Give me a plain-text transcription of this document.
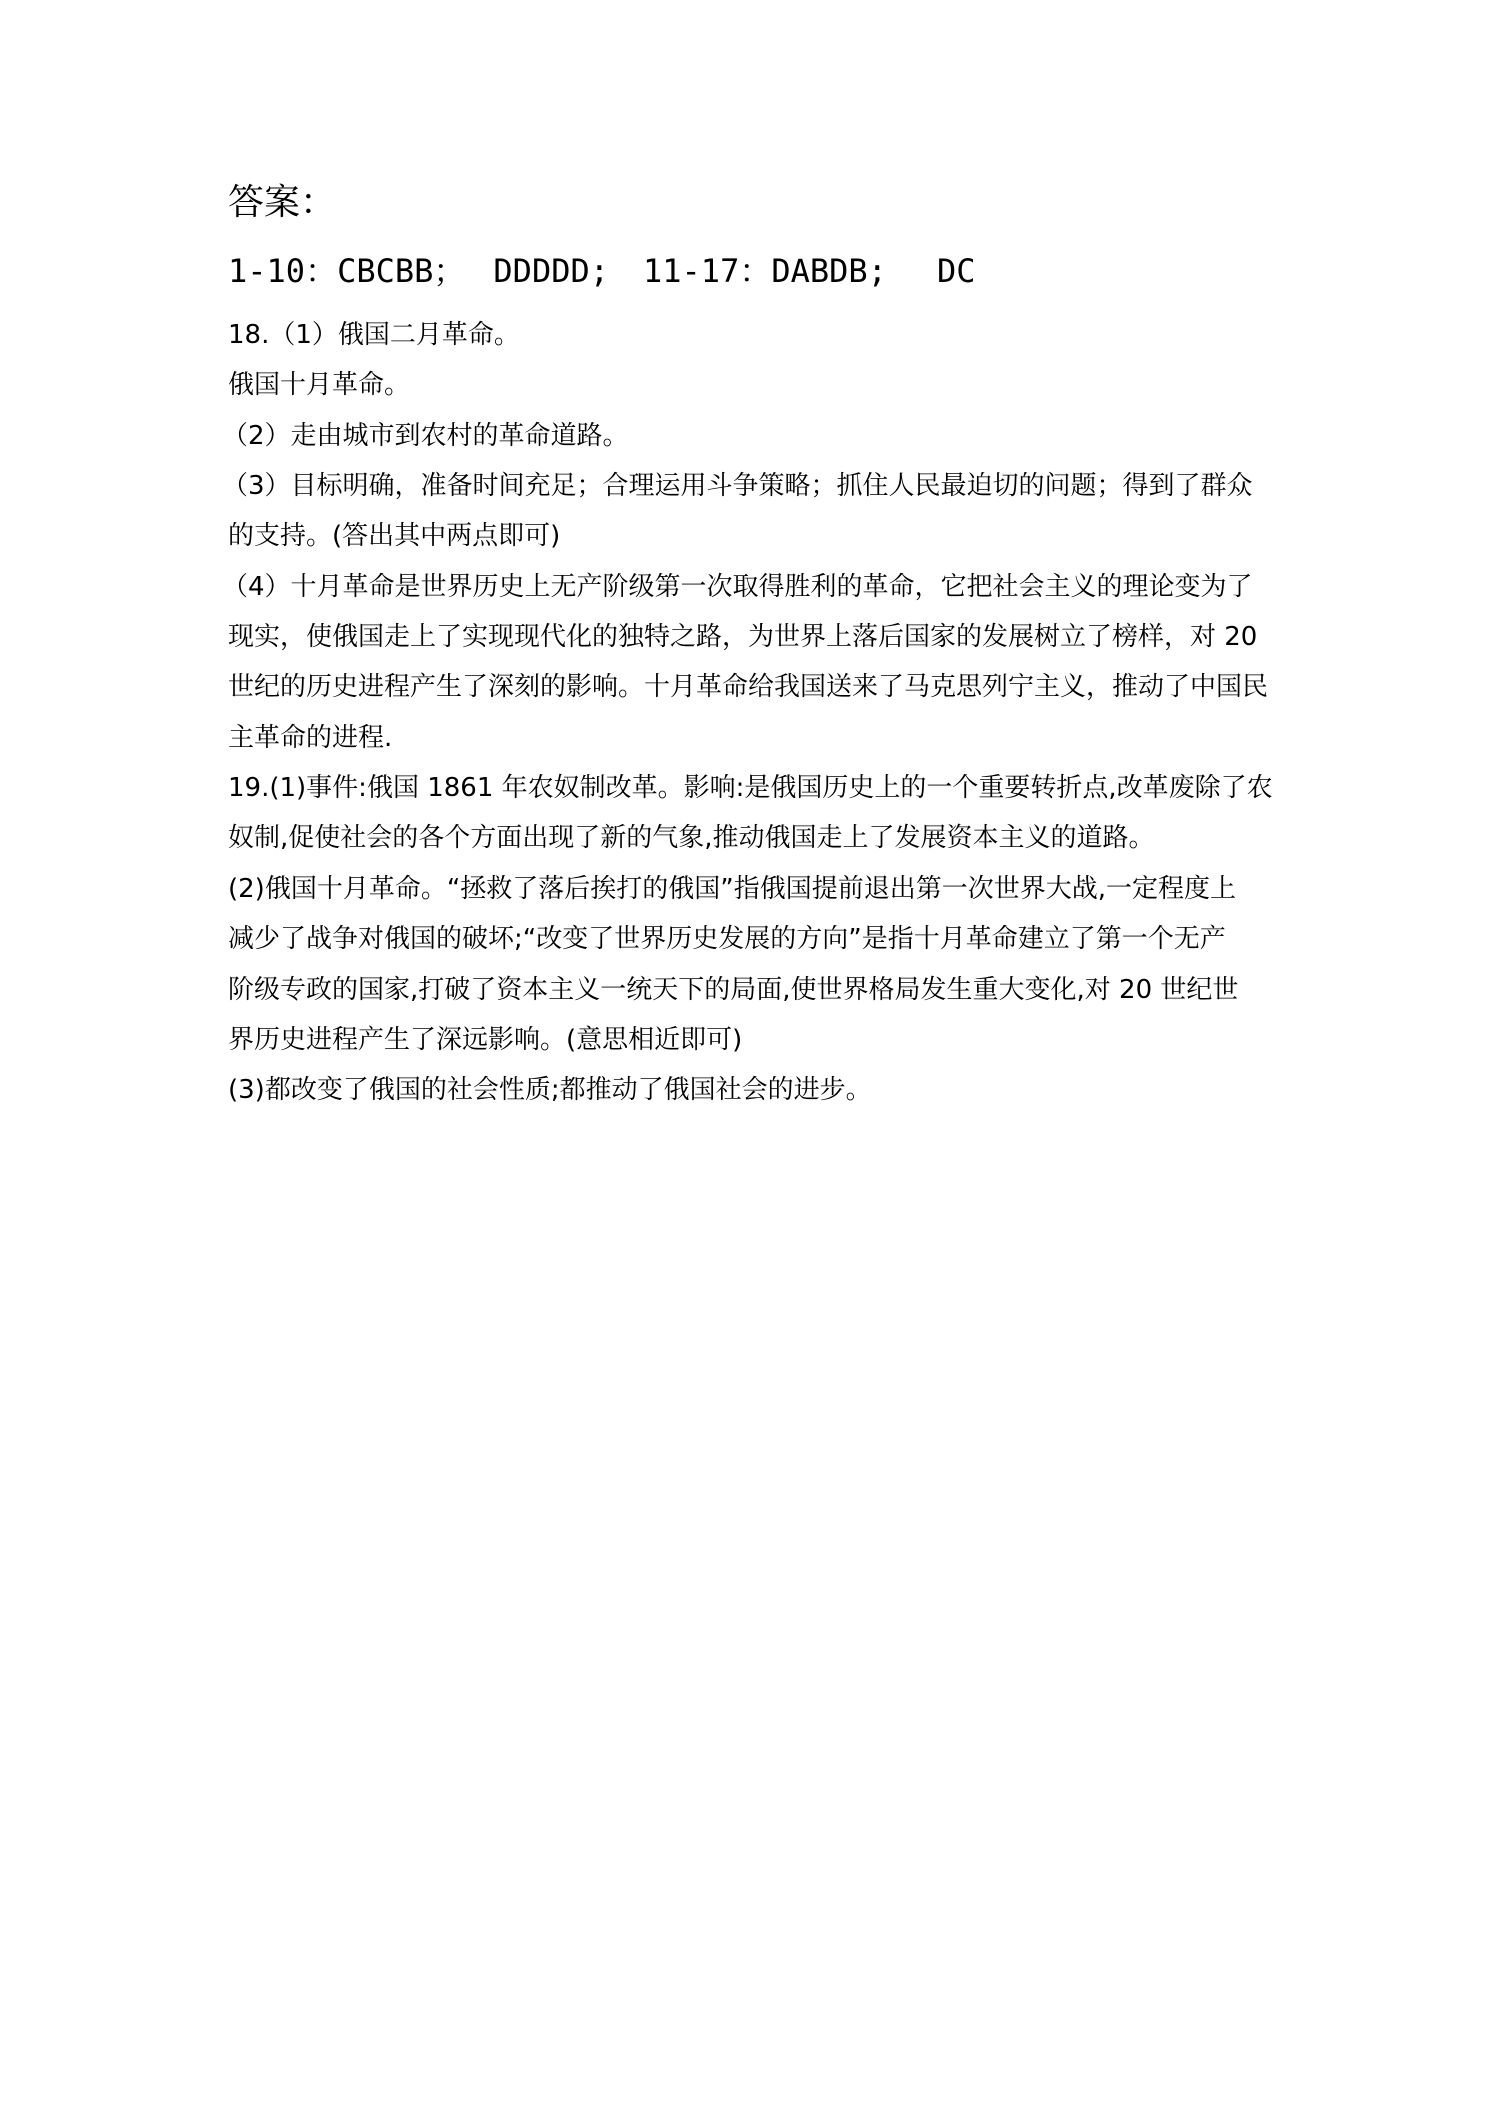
答案：
1-10：CBCBB； DDDDD; 11-17：DABDB; DC
18.（1）俄国二月革命。
俄国十月革命。
（2）走由城市到农村的革命道路。
（3）目标明确，准备时间充足；合理运用斗争策略；抓住人民最迫切的问题；得到了群众
的支持。(答出其中两点即可)
（4）十月革命是世界历史上无产阶级第一次取得胜利的革命，它把社会主义的理论变为了
现实，使俄国走上了实现现代化的独特之路，为世界上落后国家的发展树立了榜样，对 20
世纪的历史进程产生了深刻的影响。十月革命给我国送来了马克思列宁主义，推动了中国民
主革命的进程.
19.(1)事件:俄国 1861 年农奴制改革。影响:是俄国历史上的一个重要转折点,改革废除了农
奴制,促使社会的各个方面出现了新的气象,推动俄国走上了发展资本主义的道路。
(2)俄国十月革命。“拯救了落后挨打的俄国”指俄国提前退出第一次世界大战,一定程度上
减少了战争对俄国的破坏;“改变了世界历史发展的方向”是指十月革命建立了第一个无产
阶级专政的国家,打破了资本主义一统天下的局面,使世界格局发生重大变化,对 20 世纪世
界历史进程产生了深远影响。(意思相近即可)
(3)都改变了俄国的社会性质;都推动了俄国社会的进步。
